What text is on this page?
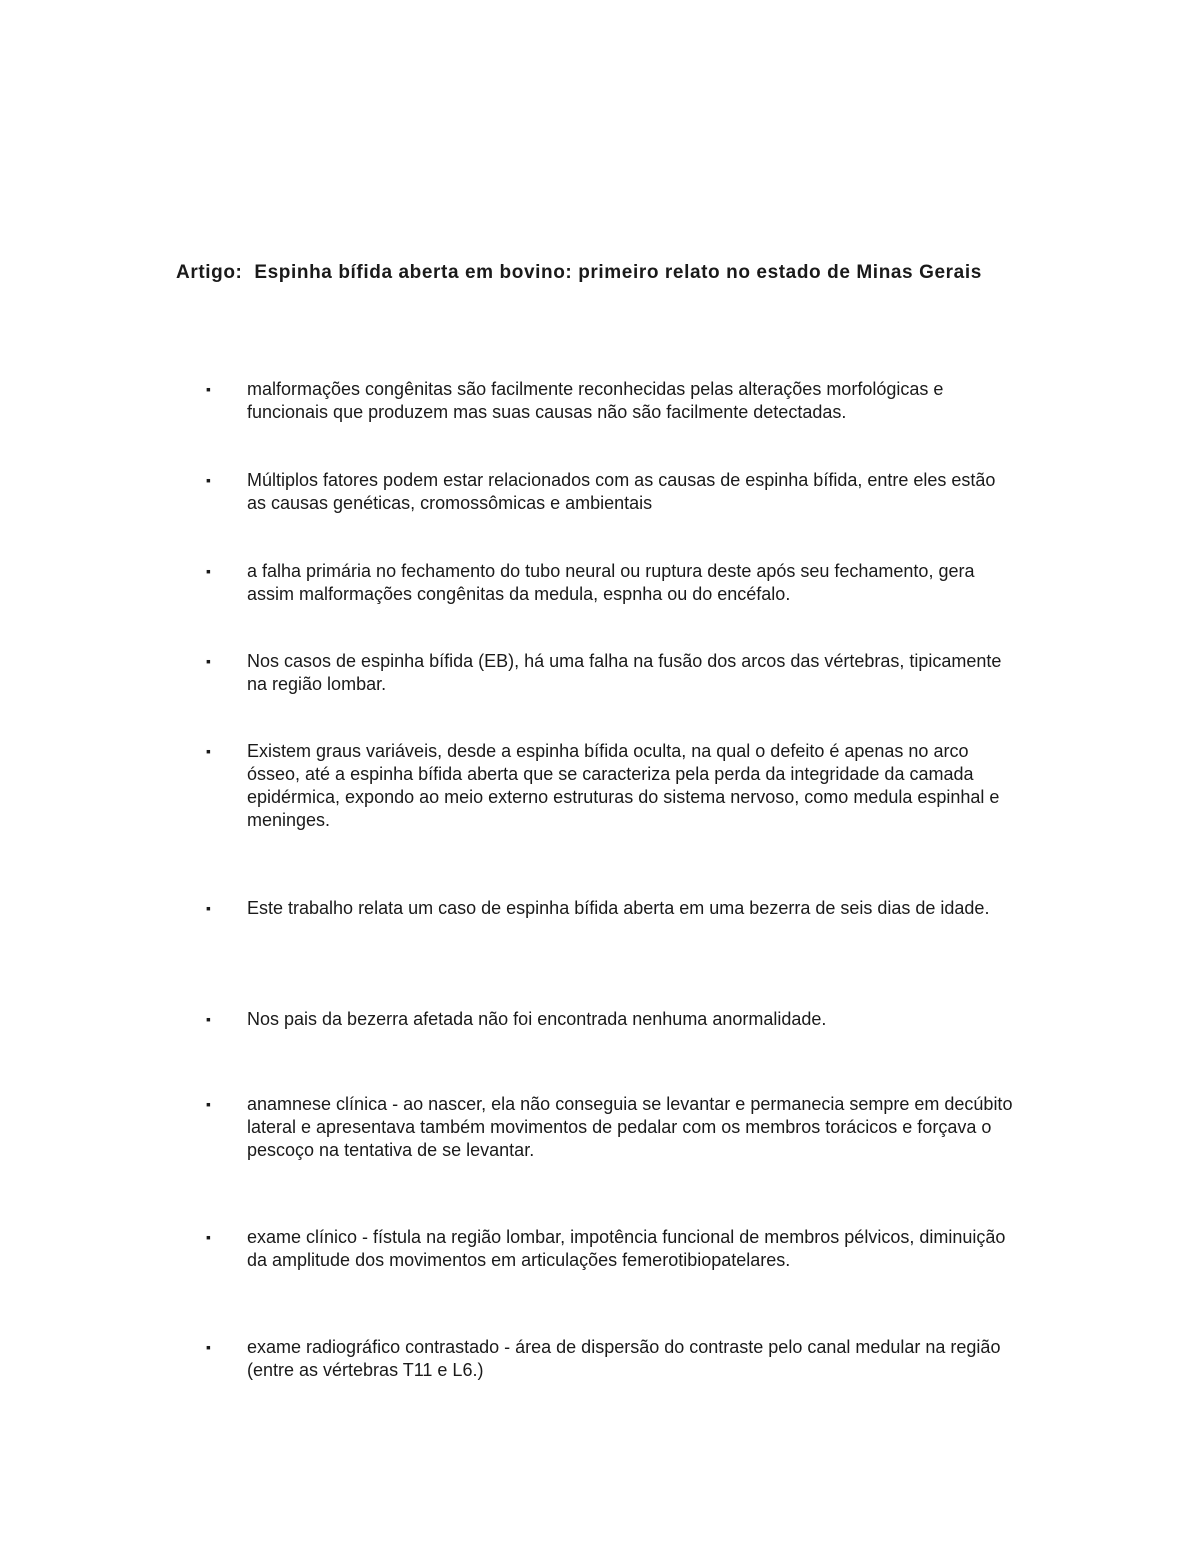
Artigo: Espinha bífida aberta em bovino: primeiro relato no estado de Minas Gerais
▪	malformações congênitas são facilmente reconhecidas pelas alterações morfológicas e funcionais que produzem mas suas causas não são facilmente detectadas.
▪	Múltiplos fatores podem estar relacionados com as causas de espinha bífida, entre eles estão as causas genéticas, cromossômicas e ambientais
▪	a falha primária no fechamento do tubo neural ou ruptura deste após seu fechamento, gera assim malformações congênitas da medula, espnha ou do encéfalo.
▪	Nos casos de espinha bífida (EB), há uma falha na fusão dos arcos das vértebras, tipicamente na região lombar.
▪	Existem graus variáveis, desde a espinha bífida oculta, na qual o defeito é apenas no arco ósseo, até a espinha bífida aberta que se caracteriza pela perda da integridade da camada epidérmica, expondo ao meio externo estruturas do sistema nervoso, como medula espinhal e meninges.
▪	Este trabalho relata um caso de espinha bífida aberta em uma bezerra de seis dias de idade.
▪	Nos pais da bezerra afetada não foi encontrada nenhuma anormalidade.
▪	anamnese clínica - ao nascer, ela não conseguia se levantar e permanecia sempre em decúbito lateral e apresentava também movimentos de pedalar com os membros torácicos e forçava o pescoço na tentativa de se levantar.
▪	exame clínico - fístula na região lombar, impotência funcional de membros pélvicos, diminuição da amplitude dos movimentos em articulações femerotibiopatelares.
▪	exame radiográfico contrastado - área de dispersão do contraste pelo canal medular na região (entre as vértebras T11 e L6.)
